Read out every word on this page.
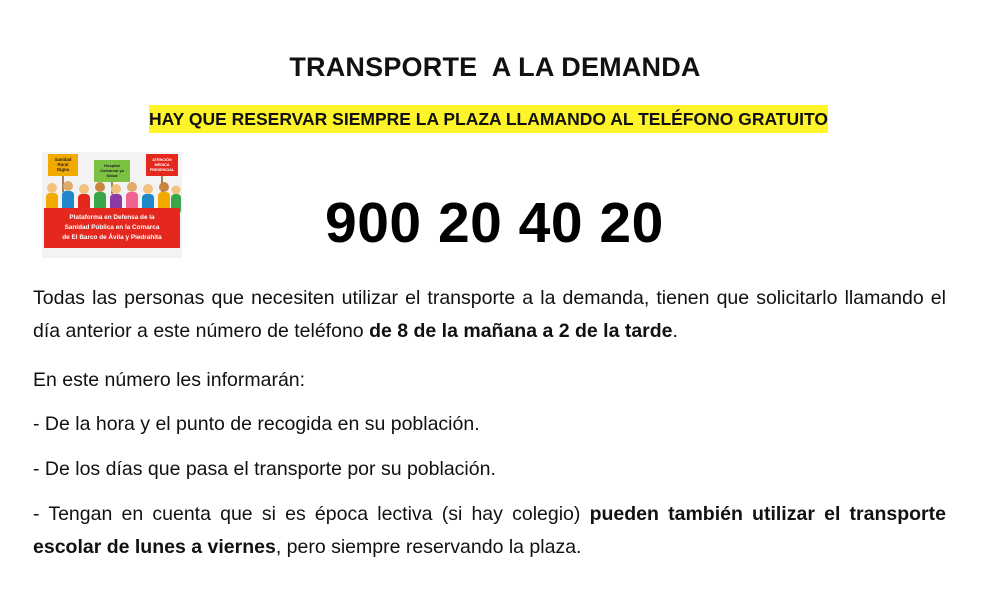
TRANSPORTE  A LA DEMANDA
HAY QUE RESERVAR SIEMPRE LA PLAZA LLAMANDO AL TELÉFONO GRATUITO
Sanidad
Rural
Digna
Hospital
Comarcal ya
Salud
ATENCIÓN
MÉDICA
PRESENCIAL
Plataforma en Defensa de la
Sanidad Pública en la Comarca
de El Barco de Ávila y Piedrahita	900 20 40 20
Todas las personas que necesiten utilizar el transporte a la demanda, tienen que solicitarlo llamando el día anterior a este número de teléfono de 8 de la mañana a 2 de la tarde.
En este número les informarán:
- De la hora y el punto de recogida en su población.
- De los días que pasa el transporte por su población.
- Tengan en cuenta que si es época lectiva (si hay colegio) pueden también utilizar el transporte escolar de lunes a viernes, pero siempre reservando la plaza.
